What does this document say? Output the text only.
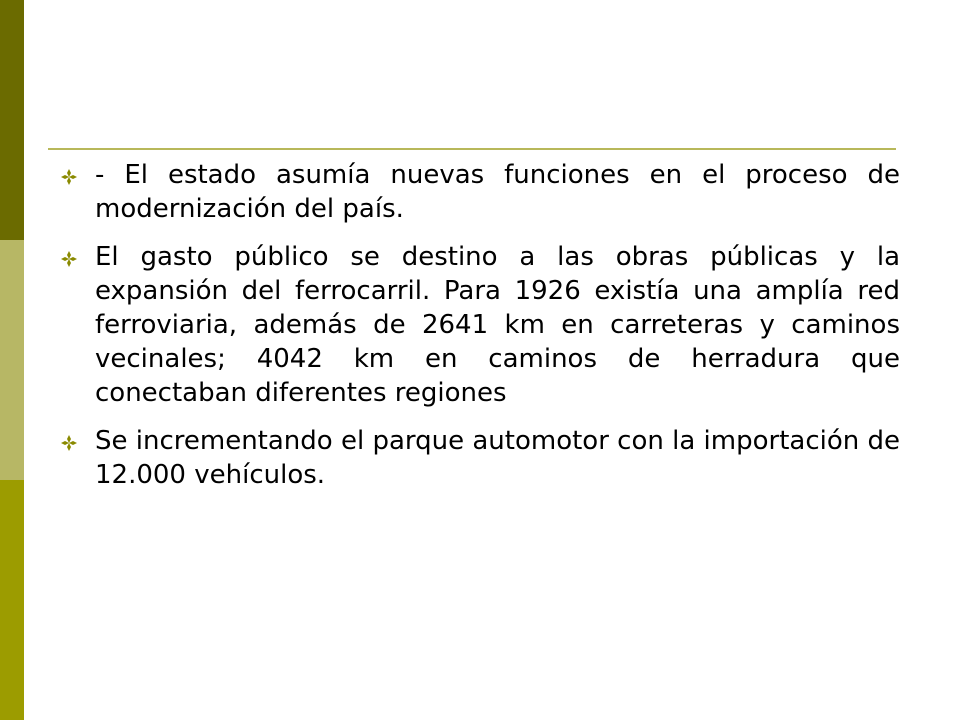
- El estado asumía nuevas funciones en el proceso de modernización del país.

El gasto público se destino a las obras públicas y la expansión del ferrocarril. Para 1926 existía una amplía red ferroviaria, además de 2641 km en carreteras y caminos vecinales; 4042 km en caminos de herradura que conectaban diferentes regiones

Se incrementando el parque automotor con la importación de 12.000 vehículos.
